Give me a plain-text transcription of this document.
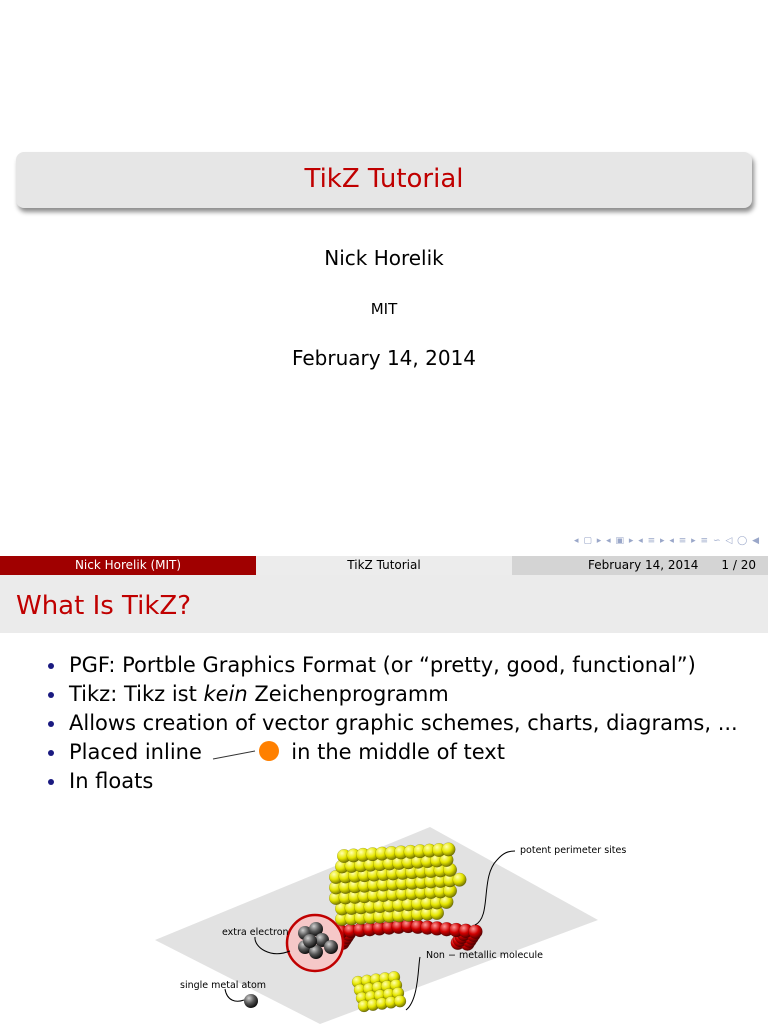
TikZ Tutorial
Nick Horelik
MIT
February 14, 2014
◂ ▢ ▸ ◂ ▣ ▸ ◂ ≡ ▸ ◂ ≡ ▸ ≡ ∽ ◁ ◯ ◀
Nick Horelik (MIT)	TikZ Tutorial	February 14, 2014 1 / 20
What Is TikZ?
PGF: Portble Graphics Format (or “pretty, good, functional”)
Tikz: Tikz ist kein Zeichenprogramm
Allows creation of vector graphic schemes, charts, diagrams, ...
Placed inline	in the middle of text
In floats
potent perimeter sites
extra electron
single metal atom
Non − metallic molecule
